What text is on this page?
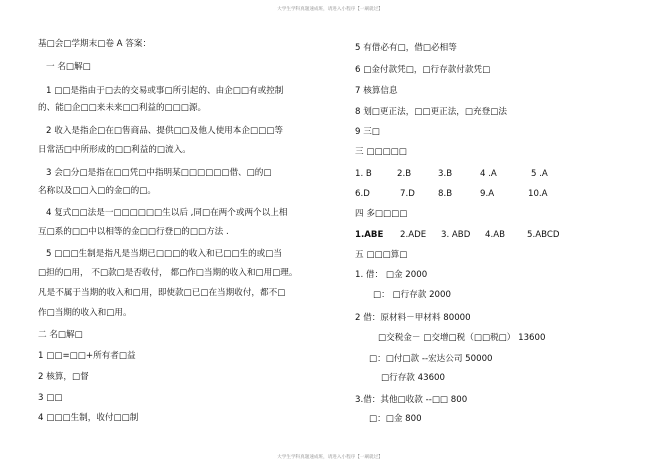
大学生学科真题速成班，请进入小程序【一刷就过】
基□会□学期末□卷 A 答案：
一 名□解□
1 □□是指由于□去的交易或事□所引起的、由企□□有或控制
的、能□企□□来未来□□利益的□□□源。
2 收入是指企□在□售商品、提供□□及他人使用本企□□□等
日常活□中所形成的□□利益的□流入。
3 会□分□是指在□□凭□中指明某□□□□□□借、□的□
名称以及□□入□的金□的□。
4 复式□□法是一□□□□□□生以后 ,同□在两个或两个以上相
互□系的□□中以相等的金□□行登□的□□方法 .
5 □□□生制是指凡是当期已□□□的收入和已□□生的或□当
□担的□用， 不□款□是否收付， 都□作□当期的收入和□用□理。
凡是不属于当期的收入和□用，即使款□已□在当期收付，都不□
作□当期的收入和□用。
二 名□解□
1 □□=□□+所有者□益
2 核算，□督
3 □□
4 □□□生制，收付□□制
5 有借必有□，借□必相等
6 □金付款凭□，□行存款付款凭□
7 核算信息
8 划□更正法，□□更正法，□充登□法
9 三□
三 □□□□□
1. B	2.B	3.B	4 .A	5 .A
6.D	7.D	8.B	9.A	10.A
四 多□□□□
1.ABE 2.ADE 3. ABD 4.AB	5.ABCD
五 □□□算□
1. 借： □金 2000
□： □行存款 2000
2 借：原材料－甲材料 80000
□交税金－ □交增□税（□□税□） 13600
□：□付□款 --宏达公司 50000
□行存款 43600
3.借：其他□收款 --□□ 800
□：□金 800
大学生学科真题速成班，请进入小程序【一刷就过】
